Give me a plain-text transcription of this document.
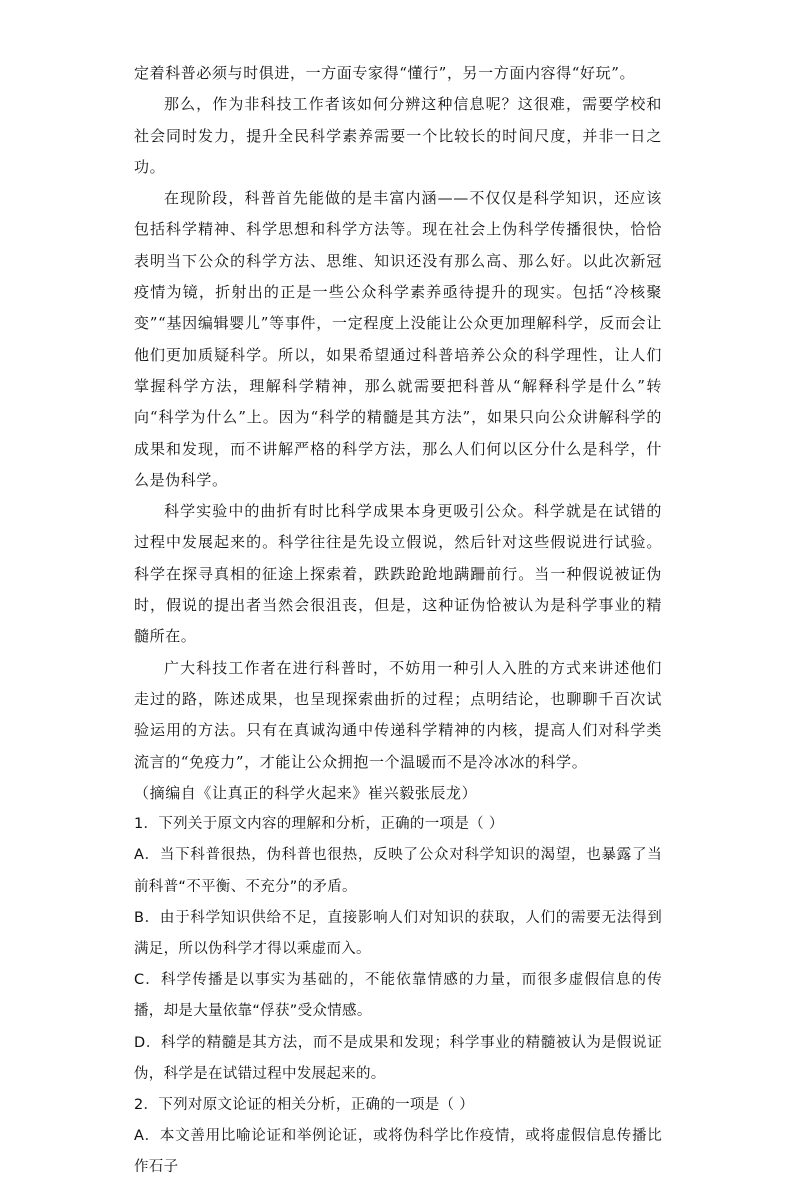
定着科普必须与时俱进，一方面专家得“懂行”，另一方面内容得“好玩”。

那么，作为非科技工作者该如何分辨这种信息呢？这很难，需要学校和社会同时发力，提升全民科学素养需要一个比较长的时间尺度，并非一日之功。

在现阶段，科普首先能做的是丰富内涵——不仅仅是科学知识，还应该包括科学精神、科学思想和科学方法等。现在社会上伪科学传播很快，恰恰表明当下公众的科学方法、思维、知识还没有那么高、那么好。以此次新冠疫情为镜，折射出的正是一些公众科学素养亟待提升的现实。包括“冷核聚变”“基因编辑婴儿”等事件，一定程度上没能让公众更加理解科学，反而会让他们更加质疑科学。所以，如果希望通过科普培养公众的科学理性，让人们掌握科学方法，理解科学精神，那么就需要把科普从“解释科学是什么”转向“科学为什么”上。因为“科学的精髓是其方法”，如果只向公众讲解科学的成果和发现，而不讲解严格的科学方法，那么人们何以区分什么是科学，什么是伪科学。

科学实验中的曲折有时比科学成果本身更吸引公众。科学就是在试错的过程中发展起来的。科学往往是先设立假说，然后针对这些假说进行试验。科学在探寻真相的征途上探索着，跌跌跄跄地蹒跚前行。当一种假说被证伪时，假说的提出者当然会很沮丧，但是，这种证伪恰被认为是科学事业的精髓所在。

广大科技工作者在进行科普时，不妨用一种引人入胜的方式来讲述他们走过的路，陈述成果，也呈现探索曲折的过程；点明结论，也聊聊千百次试验运用的方法。只有在真诚沟通中传递科学精神的内核，提高人们对科学类流言的“免疫力”，才能让公众拥抱一个温暖而不是冷冰冰的科学。

（摘编自《让真正的科学火起来》崔兴毅张辰龙）

1．下列关于原文内容的理解和分析，正确的一项是（ ）

A．当下科普很热，伪科普也很热，反映了公众对科学知识的渴望，也暴露了当前科普“不平衡、不充分”的矛盾。

B．由于科学知识供给不足，直接影响人们对知识的获取，人们的需要无法得到满足，所以伪科学才得以乘虚而入。

C．科学传播是以事实为基础的，不能依靠情感的力量，而很多虚假信息的传播，却是大量依靠“俘获”受众情感。

D．科学的精髓是其方法，而不是成果和发现；科学事业的精髓被认为是假说证伪，科学是在试错过程中发展起来的。

2．下列对原文论证的相关分析，正确的一项是（ ）

A．本文善用比喻论证和举例论证，或将伪科学比作疫情，或将虚假信息传播比作石子
